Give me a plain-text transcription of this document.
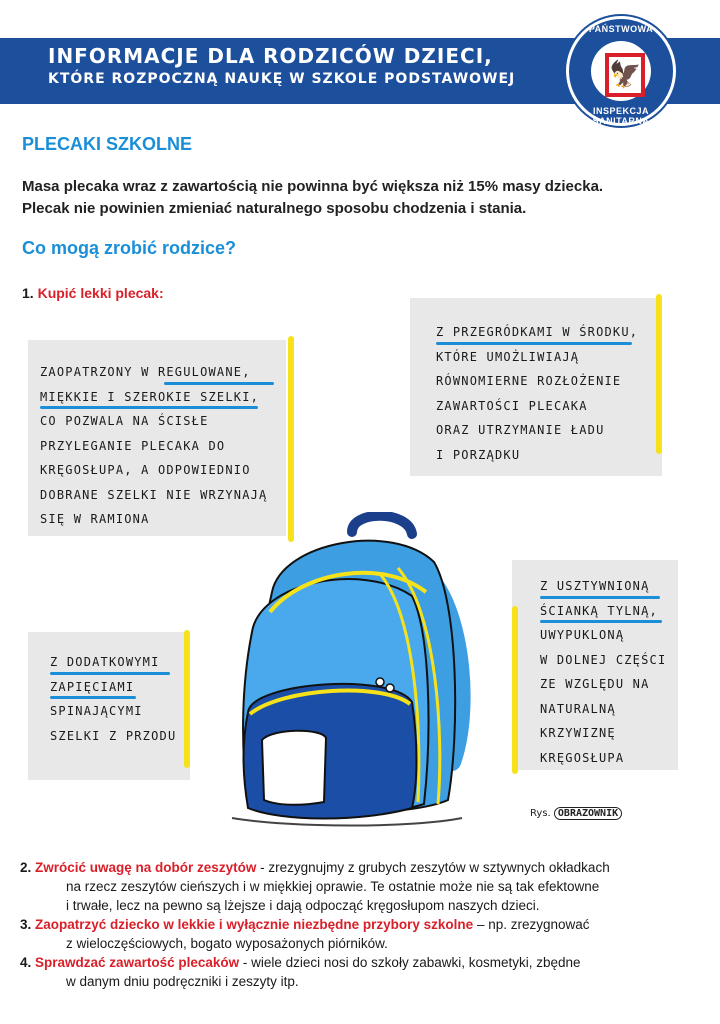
INFORMACJE DLA RODZICÓW DZIECI,
KTÓRE ROZPOCZNĄ NAUKĘ W SZKOLE PODSTAWOWEJ
PAŃSTWOWA
🦅
INSPEKCJA SANITARNA
PLECAKI SZKOLNE
Masa plecaka wraz z zawartością nie powinna być większa niż 15% masy dziecka.
Plecak nie powinien zmieniać naturalnego sposobu chodzenia i stania.
Co mogą zrobić rodzice?
1. Kupić lekki plecak:
ZAOPATRZONY W REGULOWANE,
MIĘKKIE I SZEROKIE SZELKI,
CO POZWALA NA ŚCISŁE
PRZYLEGANIE PLECAKA DO
KRĘGOSŁUPA, A ODPOWIEDNIO
DOBRANE SZELKI NIE WRZYNAJĄ
SIĘ W RAMIONA
Z PRZEGRÓDKAMI W ŚRODKU,
KTÓRE UMOŻLIWIAJĄ
RÓWNOMIERNE ROZŁOŻENIE
ZAWARTOŚCI PLECAKA
ORAZ UTRZYMANIE ŁADU
I PORZĄDKU
Z DODATKOWYMI
ZAPIĘCIAMI
SPINAJĄCYMI
SZELKI Z PRZODU
Z USZTYWNIONĄ
ŚCIANKĄ TYLNĄ,
UWYPUKLONĄ
W DOLNEJ CZĘŚCI
ZE WZGLĘDU NA
NATURALNĄ
KRZYWIZNĘ
KRĘGOSŁUPA
Rys. OBRAZOWNIK
2. Zwrócić uwagę na dobór zeszytów - zrezygnujmy z grubych zeszytów w sztywnych okładkach
na rzecz zeszytów cieńszych i w miękkiej oprawie. Te ostatnie może nie są tak efektowne
i trwałe, lecz na pewno są lżejsze i dają odpocząć kręgosłupom naszych dzieci.
3. Zaopatrzyć dziecko w lekkie i wyłącznie niezbędne przybory szkolne – np. zrezygnować
z wieloczęściowych, bogato wyposażonych piórników.
4. Sprawdzać zawartość plecaków - wiele dzieci nosi do szkoły zabawki, kosmetyki, zbędne
w danym dniu podręczniki i zeszyty itp.
